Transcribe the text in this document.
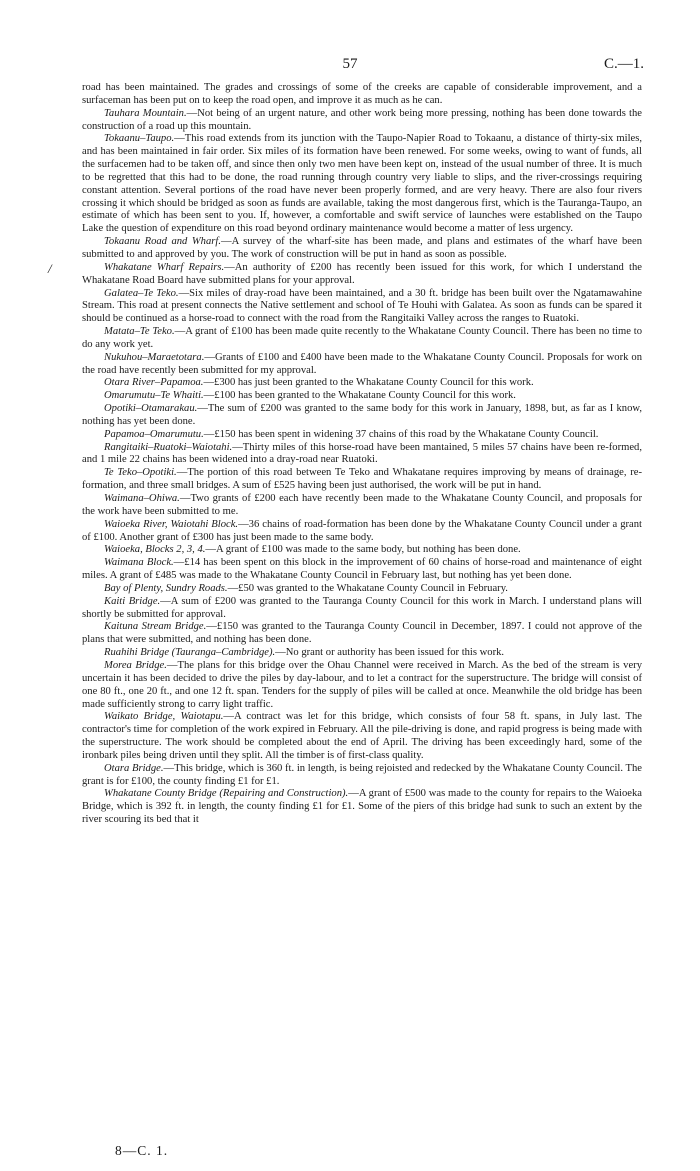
57	C.—1.
/

road has been maintained. The grades and crossings of some of the creeks are capable of considerable improvement, and a surfaceman has been put on to keep the road open, and improve it as much as he can.

Tauhara Mountain.—Not being of an urgent nature, and other work being more pressing, nothing has been done towards the construction of a road up this mountain.

Tokaanu–Taupo.—This road extends from its junction with the Taupo-Napier Road to Tokaanu, a distance of thirty-six miles, and has been maintained in fair order. Six miles of its formation have been renewed. For some weeks, owing to want of funds, all the surfacemen had to be taken off, and since then only two men have been kept on, instead of the usual number of three. It is much to be regretted that this had to be done, the road running through country very liable to slips, and the river-crossings requiring constant attention. Several portions of the road have never been properly formed, and are very heavy. There are also four rivers crossing it which should be bridged as soon as funds are available, taking the most dangerous first, which is the Tauranga-Taupo, an estimate of which has been sent to you. If, however, a comfortable and swift service of launches were established on the Taupo Lake the question of expenditure on this road beyond ordinary maintenance would become a matter of less urgency.

Tokaanu Road and Wharf.—A survey of the wharf-site has been made, and plans and estimates of the wharf have been submitted to and approved by you. The work of construction will be put in hand as soon as possible.

Whakatane Wharf Repairs.—An authority of £200 has recently been issued for this work, for which I understand the Whakatane Road Board have submitted plans for your approval.

Galatea–Te Teko.—Six miles of dray-road have been maintained, and a 30 ft. bridge has been built over the Ngatamawahine Stream. This road at present connects the Native settlement and school of Te Houhi with Galatea. As soon as funds can be spared it should be continued as a horse-road to connect with the road from the Rangitaiki Valley across the ranges to Ruatoki.

Matata–Te Teko.—A grant of £100 has been made quite recently to the Whakatane County Council. There has been no time to do any work yet.

Nukuhou–Maraetotara.—Grants of £100 and £400 have been made to the Whakatane County Council. Proposals for work on the road have recently been submitted for my approval.

Otara River–Papamoa.—£300 has just been granted to the Whakatane County Council for this work.

Omarumutu–Te Whaiti.—£100 has been granted to the Whakatane County Council for this work.

Opotiki–Otamarakau.—The sum of £200 was granted to the same body for this work in January, 1898, but, as far as I know, nothing has yet been done.

Papamoa–Omarumutu.—£150 has been spent in widening 37 chains of this road by the Whakatane County Council.

Rangitaiki–Ruatoki–Waiotahi.—Thirty miles of this horse-road have been mantained, 5 miles 57 chains have been re-formed, and 1 mile 22 chains has been widened into a dray-road near Ruatoki.

Te Teko–Opotiki.—The portion of this road between Te Teko and Whakatane requires improving by means of drainage, re-formation, and three small bridges. A sum of £525 having been just authorised, the work will be put in hand.

Waimana–Ohiwa.—Two grants of £200 each have recently been made to the Whakatane County Council, and proposals for the work have been submitted to me.

Waioeka River, Waiotahi Block.—36 chains of road-formation has been done by the Whakatane County Council under a grant of £100. Another grant of £300 has just been made to the same body.

Waioeka, Blocks 2, 3, 4.—A grant of £100 was made to the same body, but nothing has been done.

Waimana Block.—£14 has been spent on this block in the improvement of 60 chains of horse-road and maintenance of eight miles. A grant of £485 was made to the Whakatane County Council in February last, but nothing has yet been done.

Bay of Plenty, Sundry Roads.—£50 was granted to the Whakatane County Council in February.

Kaiti Bridge.—A sum of £200 was granted to the Tauranga County Council for this work in March. I understand plans will shortly be submitted for approval.

Kaituna Stream Bridge.—£150 was granted to the Tauranga County Council in December, 1897. I could not approve of the plans that were submitted, and nothing has been done.

Ruahihi Bridge (Tauranga–Cambridge).—No grant or authority has been issued for this work.

Morea Bridge.—The plans for this bridge over the Ohau Channel were received in March. As the bed of the stream is very uncertain it has been decided to drive the piles by day-labour, and to let a contract for the superstructure. The bridge will consist of one 80 ft., one 20 ft., and one 12 ft. span. Tenders for the supply of piles will be called at once. Meanwhile the old bridge has been made sufficiently strong to carry light traffic.

Waikato Bridge, Waiotapu.—A contract was let for this bridge, which consists of four 58 ft. spans, in July last. The contractor's time for completion of the work expired in February. All the pile-driving is done, and rapid progress is being made with the superstructure. The work should be completed about the end of April. The driving has been exceedingly hard, some of the ironbark piles being driven until they split. All the timber is of first-class quality.

Otara Bridge.—This bridge, which is 360 ft. in length, is being rejoisted and redecked by the Whakatane County Council. The grant is for £100, the county finding £1 for £1.

Whakatane County Bridge (Repairing and Construction).—A grant of £500 was made to the county for repairs to the Waioeka Bridge, which is 392 ft. in length, the county finding £1 for £1. Some of the piers of this bridge had sunk to such an extent by the river scouring its bed that it

8—C. 1.
